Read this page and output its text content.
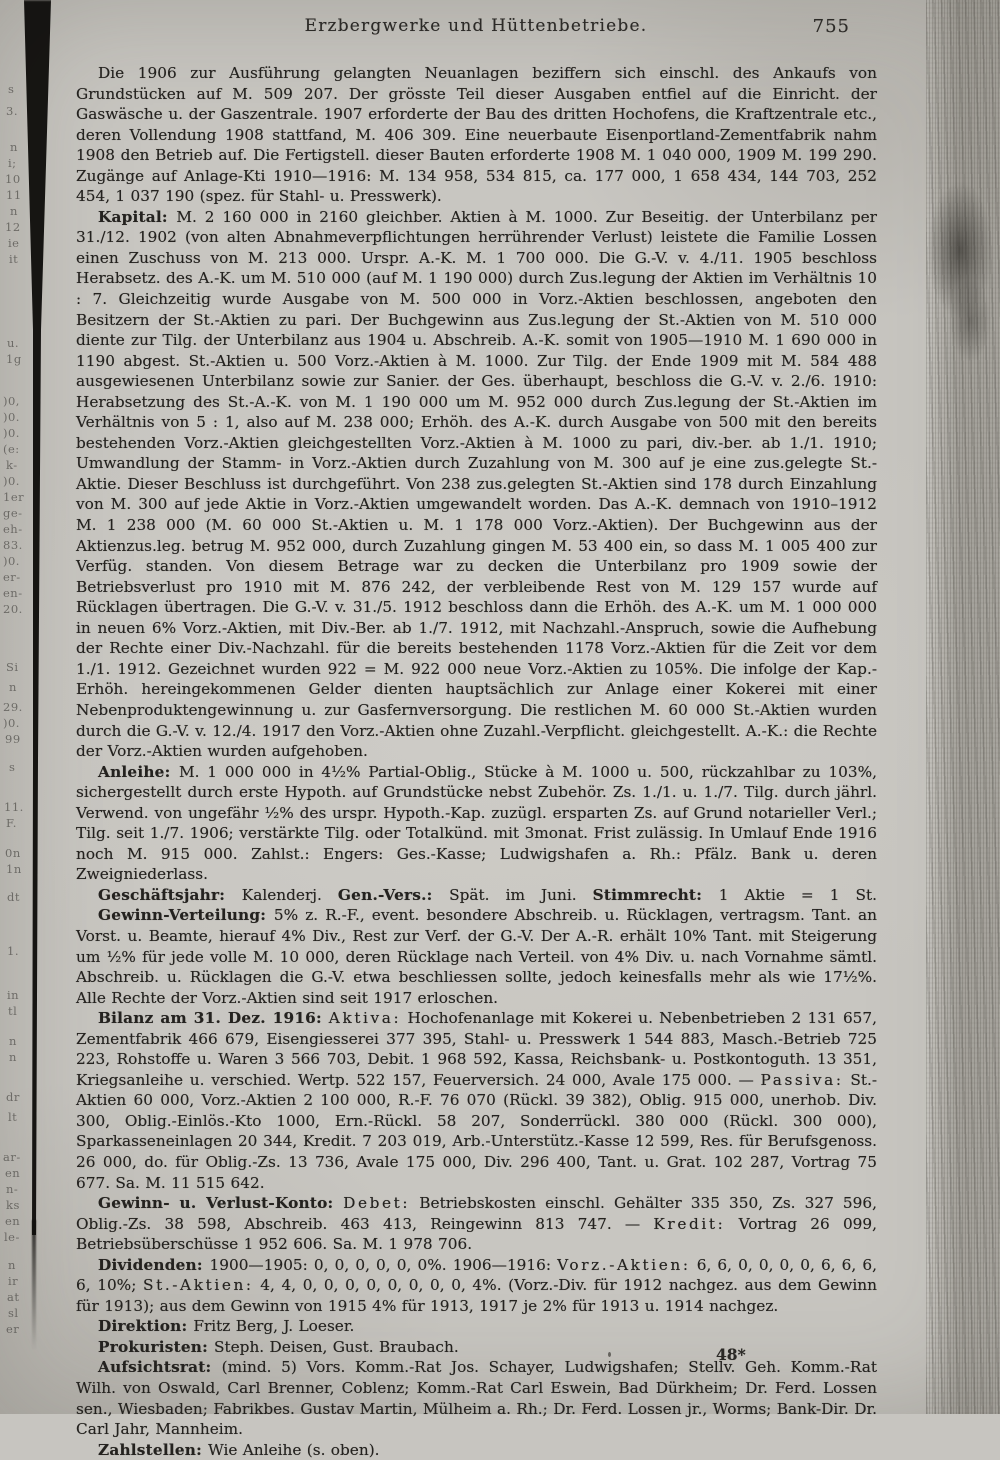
s
3.
n
i;
10
11
n
12
ie
it
u.
1g
)0,
)0.
)0.
(e:
k-
)0.
1er
ge-
eh-
83.
)0.
er-
en-
20.
Si
n
29.
)0.
99
s
11.
F.
0n
1n
dt
1.
in
tl
n
n
dr
lt
ar-
en
n-
ks
en
le-
n
ir
at
sl
er
Erzbergwerke und Hüttenbetriebe.	755

Die 1906 zur Ausführung gelangten Neuanlagen beziffern sich einschl. des Ankaufs von Grundstücken auf M. 509 207. Der grösste Teil dieser Ausgaben entfiel auf die Einricht. der Gaswäsche u. der Gaszentrale. 1907 erforderte der Bau des dritten Hochofens, die Kraftzentrale etc., deren Vollendung 1908 stattfand, M. 406 309. Eine neuerbaute Eisenportland-Zementfabrik nahm 1908 den Betrieb auf. Die Fertigstell. dieser Bauten erforderte 1908 M. 1 040 000, 1909 M. 199 290. Zugänge auf Anlage-Kti 1910—1916: M. 134 958, 534 815, ca. 177 000, 1 658 434, 144 703, 252 454, 1 037 190 (spez. für Stahl- u. Presswerk).

Kapital: M. 2 160 000 in 2160 gleichber. Aktien à M. 1000. Zur Beseitig. der Unterbilanz per 31./12. 1902 (von alten Abnahmeverpflichtungen herrührender Verlust) leistete die Familie Lossen einen Zuschuss von M. 213 000. Urspr. A.-K. M. 1 700 000. Die G.-V. v. 4./11. 1905 beschloss Herabsetz. des A.-K. um M. 510 000 (auf M. 1 190 000) durch Zus.legung der Aktien im Verhältnis 10 : 7. Gleichzeitig wurde Ausgabe von M. 500 000 in Vorz.-Aktien beschlossen, angeboten den Besitzern der St.-Aktien zu pari. Der Buchgewinn aus Zus.legung der St.-Aktien von M. 510 000 diente zur Tilg. der Unterbilanz aus 1904 u. Abschreib. A.-K. somit von 1905—1910 M. 1 690 000 in 1190 abgest. St.-Aktien u. 500 Vorz.-Aktien à M. 1000. Zur Tilg. der Ende 1909 mit M. 584 488 ausgewiesenen Unterbilanz sowie zur Sanier. der Ges. überhaupt, beschloss die G.-V. v. 2./6. 1910: Herabsetzung des St.-A.-K. von M. 1 190 000 um M. 952 000 durch Zus.legung der St.-Aktien im Verhältnis von 5 : 1, also auf M. 238 000; Erhöh. des A.-K. durch Ausgabe von 500 mit den bereits bestehenden Vorz.-Aktien gleichgestellten Vorz.-Aktien à M. 1000 zu pari, div.-ber. ab 1./1. 1910; Umwandlung der Stamm- in Vorz.-Aktien durch Zuzahlung von M. 300 auf je eine zus.gelegte St.-Aktie. Dieser Beschluss ist durchgeführt. Von 238 zus.gelegten St.-Aktien sind 178 durch Einzahlung von M. 300 auf jede Aktie in Vorz.-Aktien umgewandelt worden. Das A.-K. demnach von 1910–1912 M. 1 238 000 (M. 60 000 St.-Aktien u. M. 1 178 000 Vorz.-Aktien). Der Buchgewinn aus der Aktienzus.leg. betrug M. 952 000, durch Zuzahlung gingen M. 53 400 ein, so dass M. 1 005 400 zur Verfüg. standen. Von diesem Betrage war zu decken die Unterbilanz pro 1909 sowie der Betriebsverlust pro 1910 mit M. 876 242, der verbleibende Rest von M. 129 157 wurde auf Rücklagen übertragen. Die G.-V. v. 31./5. 1912 beschloss dann die Erhöh. des A.-K. um M. 1 000 000 in neuen 6% Vorz.-Aktien, mit Div.-Ber. ab 1./7. 1912, mit Nachzahl.-Anspruch, sowie die Aufhebung der Rechte einer Div.-Nachzahl. für die bereits bestehenden 1178 Vorz.-Aktien für die Zeit vor dem 1./1. 1912. Gezeichnet wurden 922 = M. 922 000 neue Vorz.-Aktien zu 105%. Die infolge der Kap.-Erhöh. hereingekommenen Gelder dienten hauptsächlich zur Anlage einer Kokerei mit einer Nebenproduktengewinnung u. zur Gasfernversorgung. Die restlichen M. 60 000 St.-Aktien wurden durch die G.-V. v. 12./4. 1917 den Vorz.-Aktien ohne Zuzahl.-Verpflicht. gleichgestellt. A.-K.: die Rechte der Vorz.-Aktien wurden aufgehoben.

Anleihe: M. 1 000 000 in 4¹⁄₂% Partial-Oblig., Stücke à M. 1000 u. 500, rückzahlbar zu 103%, sichergestellt durch erste Hypoth. auf Grundstücke nebst Zubehör. Zs. 1./1. u. 1./7. Tilg. durch jährl. Verwend. von ungefähr ¹⁄₂% des urspr. Hypoth.-Kap. zuzügl. ersparten Zs. auf Grund notarieller Verl.; Tilg. seit 1./7. 1906; verstärkte Tilg. oder Totalkünd. mit 3monat. Frist zulässig. In Umlauf Ende 1916 noch M. 915 000. Zahlst.: Engers: Ges.-Kasse; Ludwigshafen a. Rh.: Pfälz. Bank u. deren Zweigniederlass.

Geschäftsjahr: Kalenderj. Gen.-Vers.: Spät. im Juni. Stimmrecht: 1 Aktie = 1 St.

Gewinn-Verteilung: 5% z. R.-F., event. besondere Abschreib. u. Rücklagen, vertragsm. Tant. an Vorst. u. Beamte, hierauf 4% Div., Rest zur Verf. der G.-V. Der A.-R. erhält 10% Tant. mit Steigerung um ¹⁄₂% für jede volle M. 10 000, deren Rücklage nach Verteil. von 4% Div. u. nach Vornahme sämtl. Abschreib. u. Rücklagen die G.-V. etwa beschliessen sollte, jedoch keinesfalls mehr als wie 17¹⁄₂%. Alle Rechte der Vorz.-Aktien sind seit 1917 erloschen.

Bilanz am 31. Dez. 1916: Aktiva: Hochofenanlage mit Kokerei u. Nebenbetrieben 2 131 657, Zementfabrik 466 679, Eisengiesserei 377 395, Stahl- u. Presswerk 1 544 883, Masch.-Betrieb 725 223, Rohstoffe u. Waren 3 566 703, Debit. 1 968 592, Kassa, Reichsbank- u. Postkontoguth. 13 351, Kriegsanleihe u. verschied. Wertp. 522 157, Feuerversich. 24 000, Avale 175 000. — Passiva: St.-Aktien 60 000, Vorz.-Aktien 2 100 000, R.-F. 76 070 (Rückl. 39 382), Oblig. 915 000, unerhob. Div. 300, Oblig.-Einlös.-Kto 1000, Ern.-Rückl. 58 207, Sonderrückl. 380 000 (Rückl. 300 000), Sparkasseneinlagen 20 344, Kredit. 7 203 019, Arb.-Unterstütz.-Kasse 12 599, Res. für Berufsgenoss. 26 000, do. für Oblig.-Zs. 13 736, Avale 175 000, Div. 296 400, Tant. u. Grat. 102 287, Vortrag 75 677. Sa. M. 11 515 642.

Gewinn- u. Verlust-Konto: Debet: Betriebskosten einschl. Gehälter 335 350, Zs. 327 596, Oblig.-Zs. 38 598, Abschreib. 463 413, Reingewinn 813 747. — Kredit: Vortrag 26 099, Betriebsüberschüsse 1 952 606. Sa. M. 1 978 706.

Dividenden: 1900—1905: 0, 0, 0, 0, 0, 0%. 1906—1916: Vorz.-Aktien: 6, 6, 0, 0, 0, 0, 6, 6, 6, 6, 10%; St.-Aktien: 4, 4, 0, 0, 0, 0, 0, 0, 0, 0, 4%. (Vorz.-Div. für 1912 nachgez. aus dem Gewinn für 1913); aus dem Gewinn von 1915 4% für 1913, 1917 je 2% für 1913 u. 1914 nachgez.

Direktion: Fritz Berg, J. Loeser.

Prokuristen: Steph. Deisen, Gust. Braubach.

Aufsichtsrat: (mind. 5) Vors. Komm.-Rat Jos. Schayer, Ludwigshafen; Stellv. Geh. Komm.-Rat Wilh. von Oswald, Carl Brenner, Coblenz; Komm.-Rat Carl Eswein, Bad Dürkheim; Dr. Ferd. Lossen sen., Wiesbaden; Fabrikbes. Gustav Martin, Mülheim a. Rh.; Dr. Ferd. Lossen jr., Worms; Bank-Dir. Dr. Carl Jahr, Mannheim.

Zahlstellen: Wie Anleihe (s. oben).

48*
